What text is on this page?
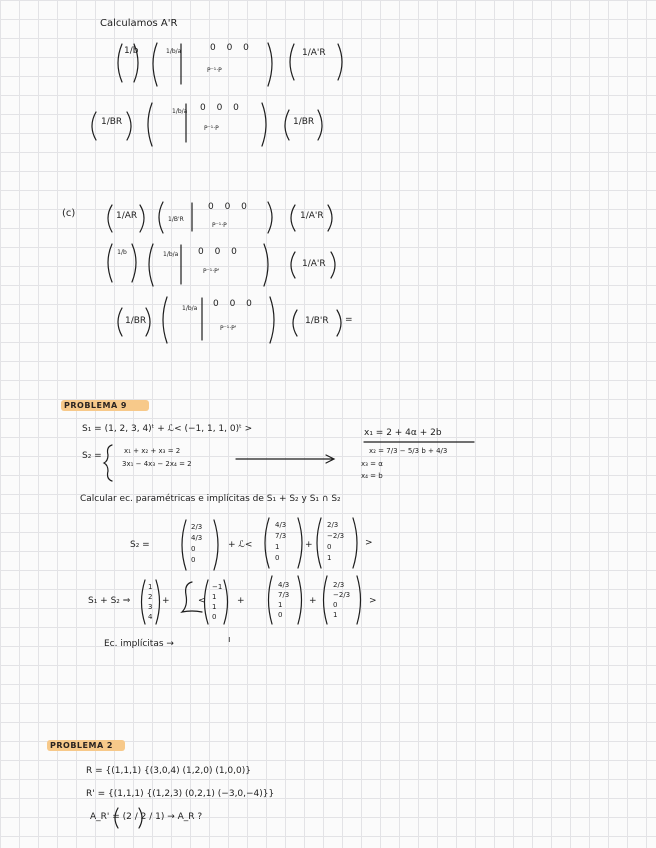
Calculamos A'R
1/b	1/b/a	0 0 0
P⁻¹·P
1/A'R
1/BR
1/b/a 0 0 0
P⁻¹·P
1/BR
(c)	1/AR	1/B'R
0 0 0
P⁻¹·P
1/A'R
1/b	1/b/a 0 0 0
P⁻¹·P'
1/A'R
1/BR
1/b/a 0 0 0
P⁻¹·P'
1/B'R =
PROBLEMA 9
S₁ = (1, 2, 3, 4)ᵗ + ℒ< (−1, 1, 1, 0)ᵗ >
S₂ =	x₁ + x₂ + x₃ = 2
3x₁ − 4x₃ − 2x₄ = 2
x₁ = 2 + 4α + 2b
x₂ = 7/3 − 5/3 b + 4/3
x₃ = α
x₄ = b
Calcular ec. paramétricas e implícitas de S₁ + S₂ y S₁ ∩ S₂
S₂ =
2/3
4/3
0
0
+ ℒ<
4/3
7/3
1
0
+
2/3
−2/3
0
1
>
S₁ + S₂ ⇒
1
2
3
4
+	<
−1
1
1
0
+
4/3
7/3
1
0
+
2/3
−2/3
0
1
>
Ec. implícitas →	ı
PROBLEMA 2
R = {(1,1,1) {(3,0,4) (1,2,0) (1,0,0)}
R' = {(1,1,1) {(1,2,3) (0,2,1) (−3,0,−4)}}
A_R' = (2 / 2 / 1) → A_R ?
